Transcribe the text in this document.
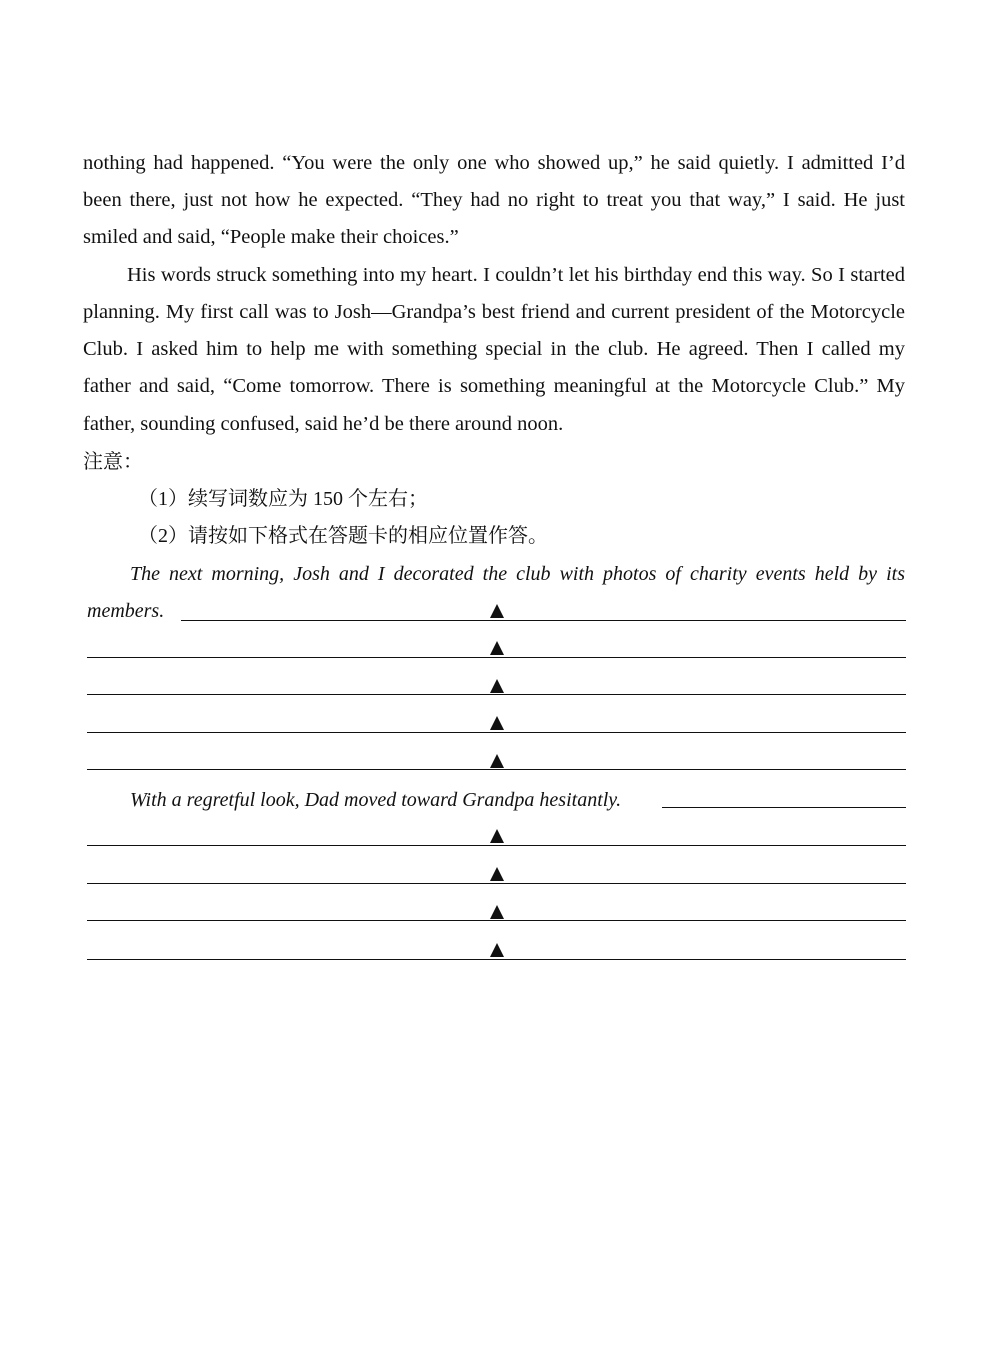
nothing had happened. “You were the only one who showed up,” he said quietly. I admitted I’d
been there, just not how he expected. “They had no right to treat you that way,” I said. He just
smiled and said, “People make their choices.”
His words struck something into my heart. I couldn’t let his birthday end this way. So I started
planning. My first call was to Josh—Grandpa’s best friend and current president of the Motorcycle
Club. I asked him to help me with something special in the club. He agreed. Then I called my
father and said, “Come tomorrow. There is something meaningful at the Motorcycle Club.” My
father, sounding confused, said he’d be there around noon.
注意：
（1）续写词数应为 150 个左右；
（2）请按如下格式在答题卡的相应位置作答。
The next morning, Josh and I decorated the club with photos of charity events held by its
members.
With a regretful look, Dad moved toward Grandpa hesitantly.
